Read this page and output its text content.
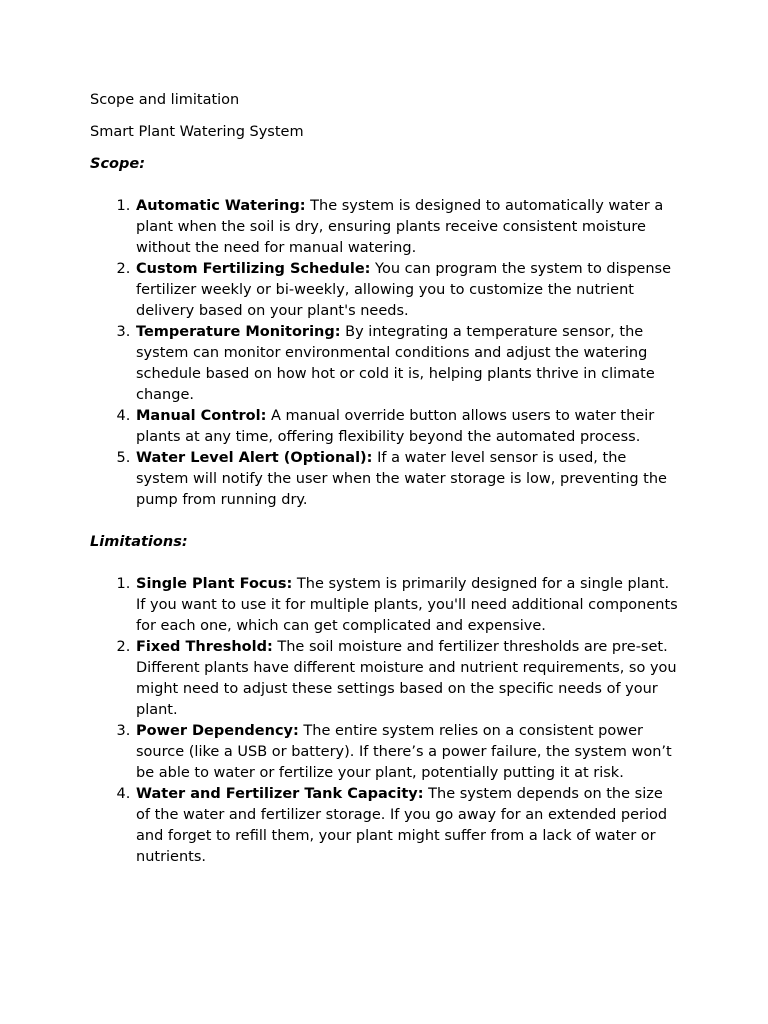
Scope and limitation

Smart Plant Watering System

Scope:

1. Automatic Watering: The system is designed to automatically water a plant when the soil is dry, ensuring plants receive consistent moisture without the need for manual watering.
2. Custom Fertilizing Schedule: You can program the system to dispense fertilizer weekly or bi-weekly, allowing you to customize the nutrient delivery based on your plant's needs.
3. Temperature Monitoring: By integrating a temperature sensor, the system can monitor environmental conditions and adjust the watering schedule based on how hot or cold it is, helping plants thrive in climate change.
4. Manual Control: A manual override button allows users to water their plants at any time, offering flexibility beyond the automated process.
5. Water Level Alert (Optional): If a water level sensor is used, the system will notify the user when the water storage is low, preventing the pump from running dry.

Limitations:

1. Single Plant Focus: The system is primarily designed for a single plant. If you want to use it for multiple plants, you'll need additional components for each one, which can get complicated and expensive.
2. Fixed Threshold: The soil moisture and fertilizer thresholds are pre-set. Different plants have different moisture and nutrient requirements, so you might need to adjust these settings based on the specific needs of your plant.
3. Power Dependency: The entire system relies on a consistent power source (like a USB or battery). If there’s a power failure, the system won’t be able to water or fertilize your plant, potentially putting it at risk.
4. Water and Fertilizer Tank Capacity: The system depends on the size of the water and fertilizer storage. If you go away for an extended period and forget to refill them, your plant might suffer from a lack of water or nutrients.
